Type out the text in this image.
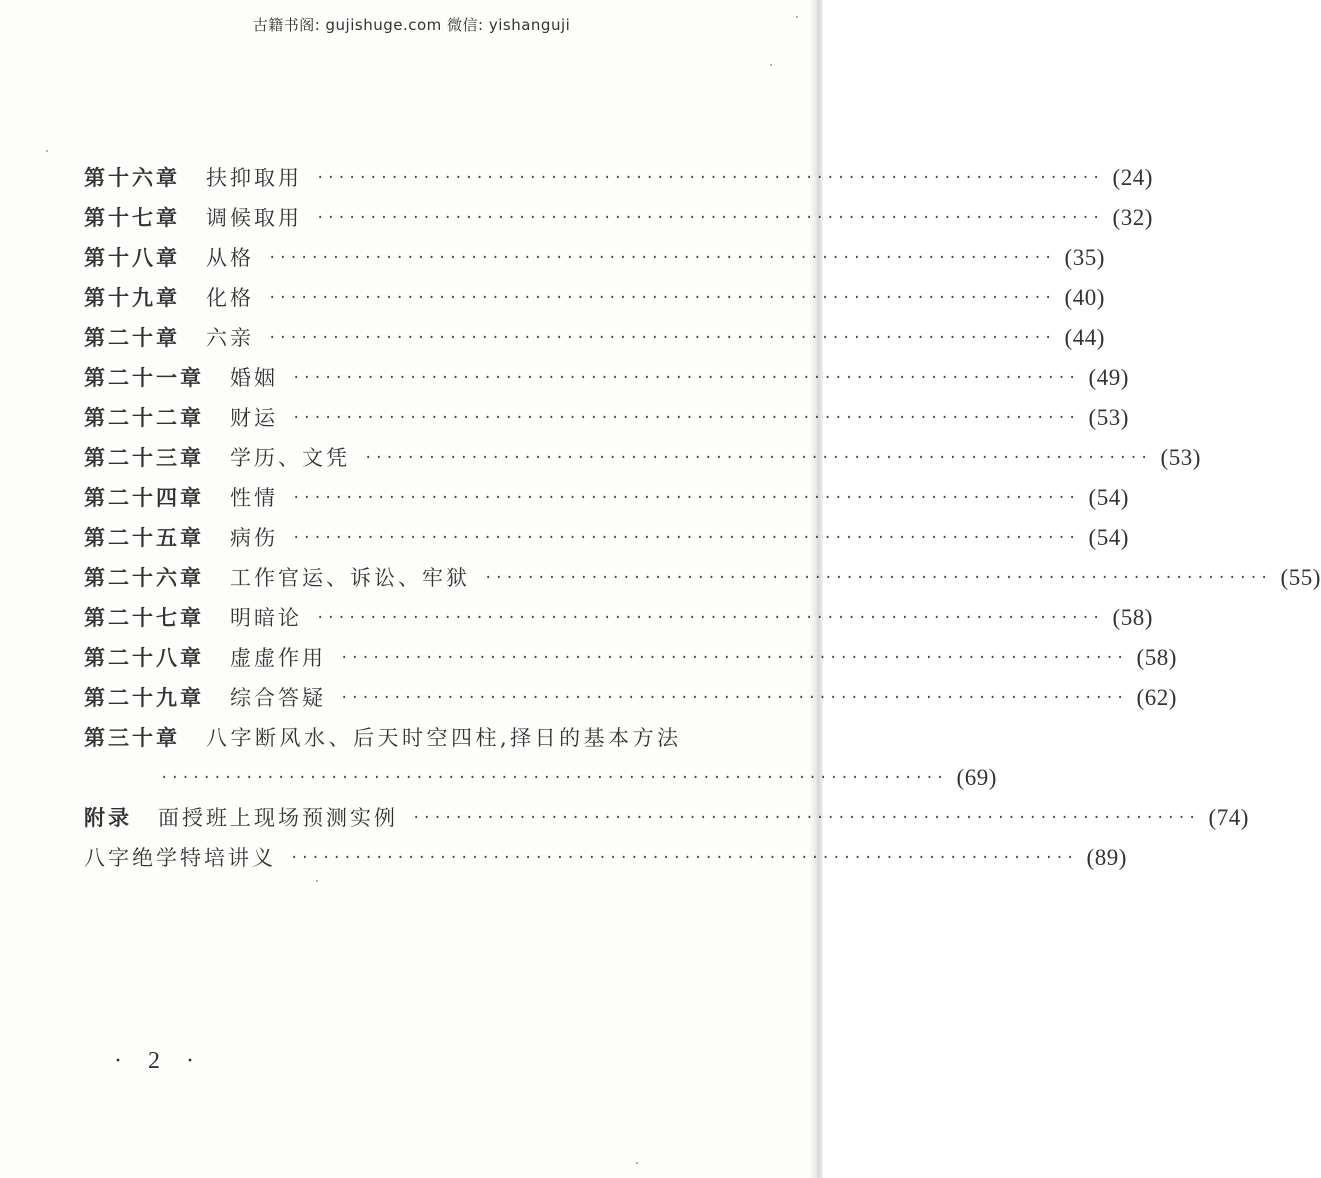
古籍书阁: gujishuge.com 微信: yishanguji
第十六章 扶抑取用 ·········································································· (24)
第十七章 调候取用 ·········································································· (32)
第十八章 从格 ·········································································· (35)
第十九章 化格 ·········································································· (40)
第二十章 六亲 ·········································································· (44)
第二十一章 婚姻 ·········································································· (49)
第二十二章 财运 ·········································································· (53)
第二十三章 学历、文凭 ·········································································· (53)
第二十四章 性情 ·········································································· (54)
第二十五章 病伤 ·········································································· (54)
第二十六章 工作官运、诉讼、牢狱 ·········································································· (55)
第二十七章 明暗论 ·········································································· (58)
第二十八章 虚虚作用 ·········································································· (58)
第二十九章 综合答疑 ·········································································· (62)
第三十章 八字断风水、后天时空四柱,择日的基本方法
·········································································· (69)
附录 面授班上现场预测实例 ·········································································· (74)
八字绝学特培讲义 ·········································································· (89)
· 2 ·
